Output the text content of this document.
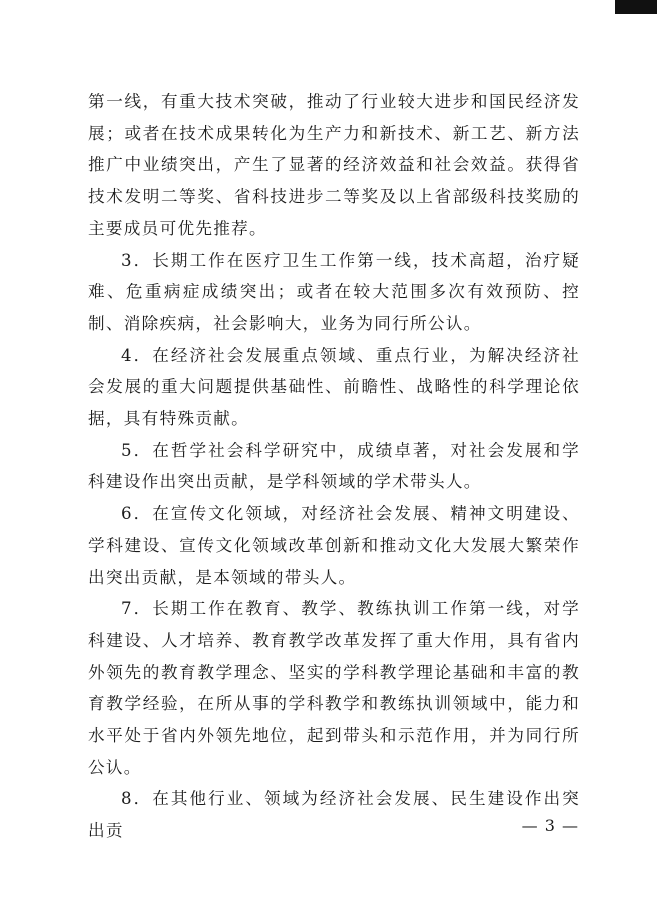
第一线，有重大技术突破，推动了行业较大进步和国民经济发展；或者在技术成果转化为生产力和新技术、新工艺、新方法推广中业绩突出，产生了显著的经济效益和社会效益。获得省技术发明二等奖、省科技进步二等奖及以上省部级科技奖励的主要成员可优先推荐。

3．长期工作在医疗卫生工作第一线，技术高超，治疗疑难、危重病症成绩突出；或者在较大范围多次有效预防、控制、消除疾病，社会影响大，业务为同行所公认。

4．在经济社会发展重点领域、重点行业，为解决经济社会发展的重大问题提供基础性、前瞻性、战略性的科学理论依据，具有特殊贡献。

5．在哲学社会科学研究中，成绩卓著，对社会发展和学科建设作出突出贡献，是学科领域的学术带头人。

6．在宣传文化领域，对经济社会发展、精神文明建设、学科建设、宣传文化领域改革创新和推动文化大发展大繁荣作出突出贡献，是本领域的带头人。

7．长期工作在教育、教学、教练执训工作第一线，对学科建设、人才培养、教育教学改革发挥了重大作用，具有省内外领先的教育教学理念、坚实的学科教学理论基础和丰富的教育教学经验，在所从事的学科教学和教练执训领域中，能力和水平处于省内外领先地位，起到带头和示范作用，并为同行所公认。

8．在其他行业、领域为经济社会发展、民生建设作出突出贡	— 3 —
